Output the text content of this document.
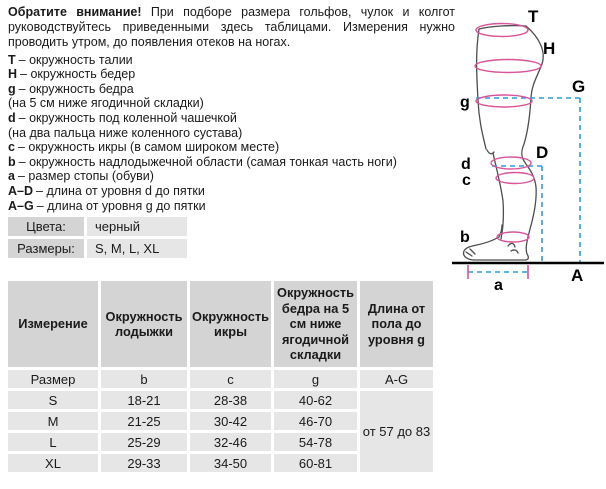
Обратите внимание! При подборе размера гольфов, чулок и колгот руководствуйтесь приведенными здесь таблицами. Измерения нужно проводить утром, до появления отеков на ногах.

T – окружность талии
H – окружность бедер
g – окружность бедра
(на 5 см ниже ягодичной складки)
d – окружность под коленной чашечкой
(на два пальца ниже коленного сустава)
c – окружность икры (в самом широком месте)
b – окружность надлодыжечной области (самая тонкая часть ноги)
a – размер стопы (обуви)
A–D – длина от уровня d до пятки
A–G – длина от уровня g до пятки
Цвета:	черный
Размеры:	S, M, L, XL
Измерение	Окружность лодыжки	Окружность икры	Окружность бедра на 5 см ниже ягодичной складки	Длина от пола до уровня g
Размер	b	c	g	A-G
S	18-21	28-38	40-62	от 57 до 83
M	21-25	30-42	46-70	
L	25-29	32-46	54-78	
XL	29-33	34-50	60-81	
T
H
G
g
d
D
c
b
A
a
